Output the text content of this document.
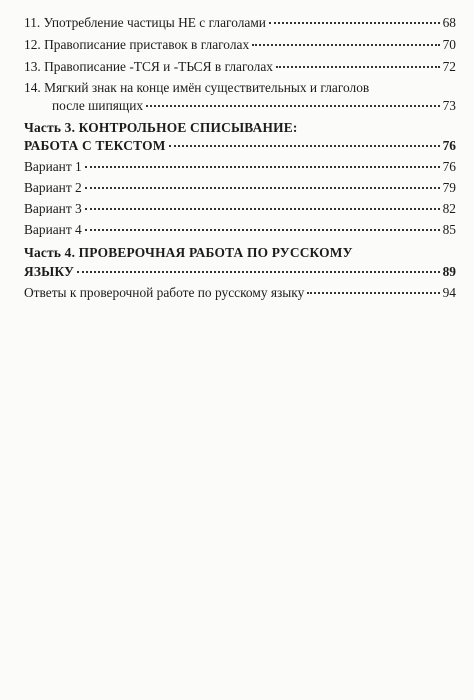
11. Употребление частицы НЕ с глаголами	68
12. Правописание приставок в глаголах	70
13. Правописание -ТСЯ и -ТЬСЯ в глаголах	72
14. Мягкий знак на конце имён существительных и глаголов
после шипящих	73
Часть 3. КОНТРОЛЬНОЕ СПИСЫВАНИЕ:
РАБОТА С ТЕКСТОМ	76
Вариант 1	76
Вариант 2	79
Вариант 3	82
Вариант 4	85
Часть 4. ПРОВЕРОЧНАЯ РАБОТА ПО РУССКОМУ
ЯЗЫКУ	89
Ответы к проверочной работе по русскому языку	94
